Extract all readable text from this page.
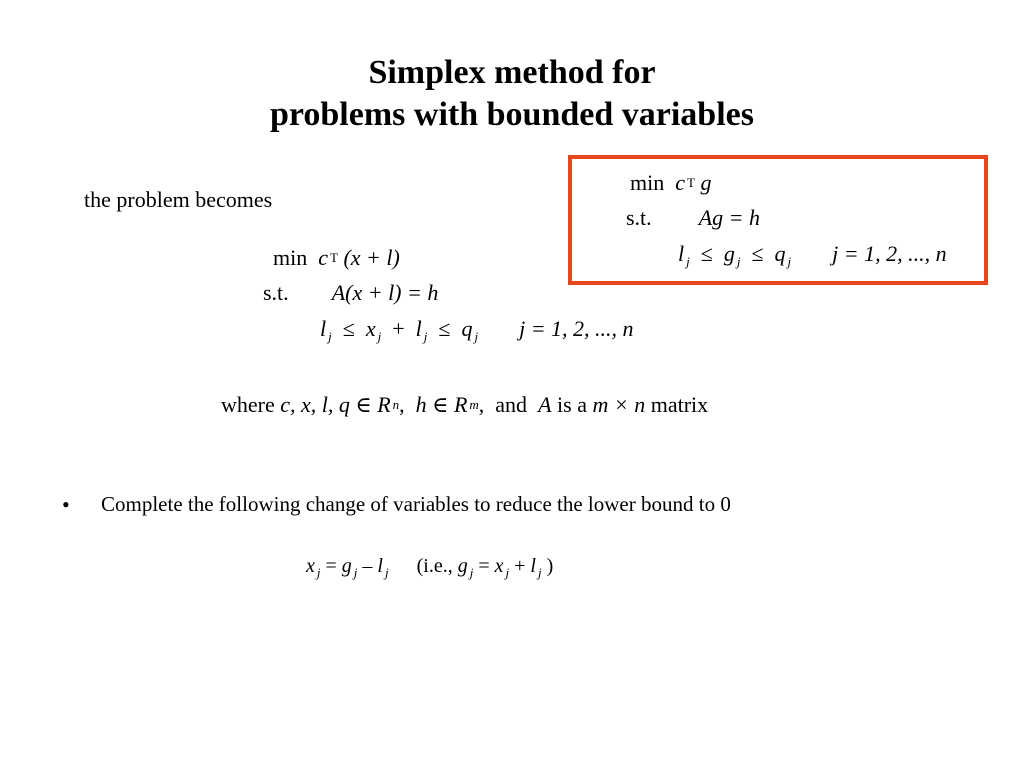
Simplex method for
problems with bounded variables
min c $^T$ g
s.t. Ag = h
l $_j$ ≤ g $_j$ ≤ q $_j$ j = 1, 2, ..., n
the problem becomes
min c $^T$ (x + l)
s.t. A(x + l) = h
l $_j$ ≤ x $_j$ + l $_j$ ≤ q $_j$ j = 1, 2, ..., n
where c, x, l, q ∈ R $^n$, h ∈ R $^m$, and A is a m × n matrix
• Complete the following change of variables to reduce the lower bound to 0
x $_j$ = g $_j$ – l $_j$ (i.e., g $_j$ = x $_j$ + l $_j$ )
